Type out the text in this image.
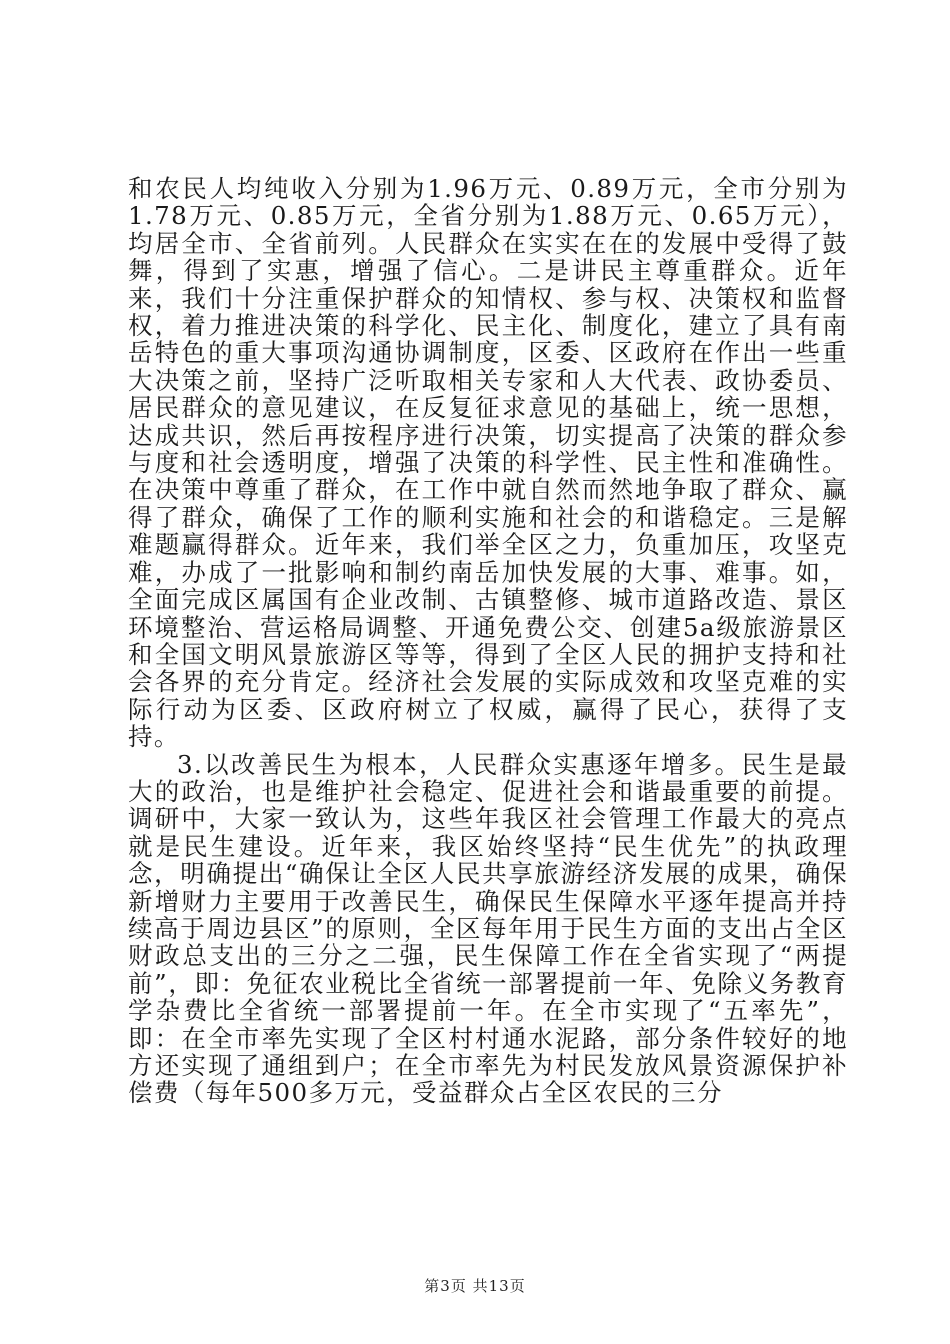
和农民人均纯收入分别为1.96万元、0.89万元，全市分别为1.78万元、0.85万元，全省分别为1.88万元、0.65万元），均居全市、全省前列。人民群众在实实在在的发展中受得了鼓舞，得到了实惠，增强了信心。二是讲民主尊重群众。近年来，我们十分注重保护群众的知情权、参与权、决策权和监督权，着力推进决策的科学化、民主化、制度化，建立了具有南岳特色的重大事项沟通协调制度，区委、区政府在作出一些重大决策之前，坚持广泛听取相关专家和人大代表、政协委员、居民群众的意见建议，在反复征求意见的基础上，统一思想，达成共识，然后再按程序进行决策，切实提高了决策的群众参与度和社会透明度，增强了决策的科学性、民主性和准确性。在决策中尊重了群众，在工作中就自然而然地争取了群众、赢得了群众，确保了工作的顺利实施和社会的和谐稳定。三是解难题赢得群众。近年来，我们举全区之力，负重加压，攻坚克难，办成了一批影响和制约南岳加快发展的大事、难事。如，全面完成区属国有企业改制、古镇整修、城市道路改造、景区环境整治、营运格局调整、开通免费公交、创建5a级旅游景区和全国文明风景旅游区等等，得到了全区人民的拥护支持和社会各界的充分肯定。经济社会发展的实际成效和攻坚克难的实际行动为区委、区政府树立了权威，赢得了民心，获得了支持。

3.以改善民生为根本，人民群众实惠逐年增多。民生是最大的政治，也是维护社会稳定、促进社会和谐最重要的前提。调研中，大家一致认为，这些年我区社会管理工作最大的亮点就是民生建设。近年来，我区始终坚持“民生优先”的执政理念，明确提出“确保让全区人民共享旅游经济发展的成果，确保新增财力主要用于改善民生，确保民生保障水平逐年提高并持续高于周边县区”的原则，全区每年用于民生方面的支出占全区财政总支出的三分之二强，民生保障工作在全省实现了“两提前”，即：免征农业税比全省统一部署提前一年、免除义务教育学杂费比全省统一部署提前一年。在全市实现了“五率先”，即：在全市率先实现了全区村村通水泥路，部分条件较好的地方还实现了通组到户；在全市率先为村民发放风景资源保护补偿费（每年500多万元，受益群众占全区农民的三分

第3页 共13页
